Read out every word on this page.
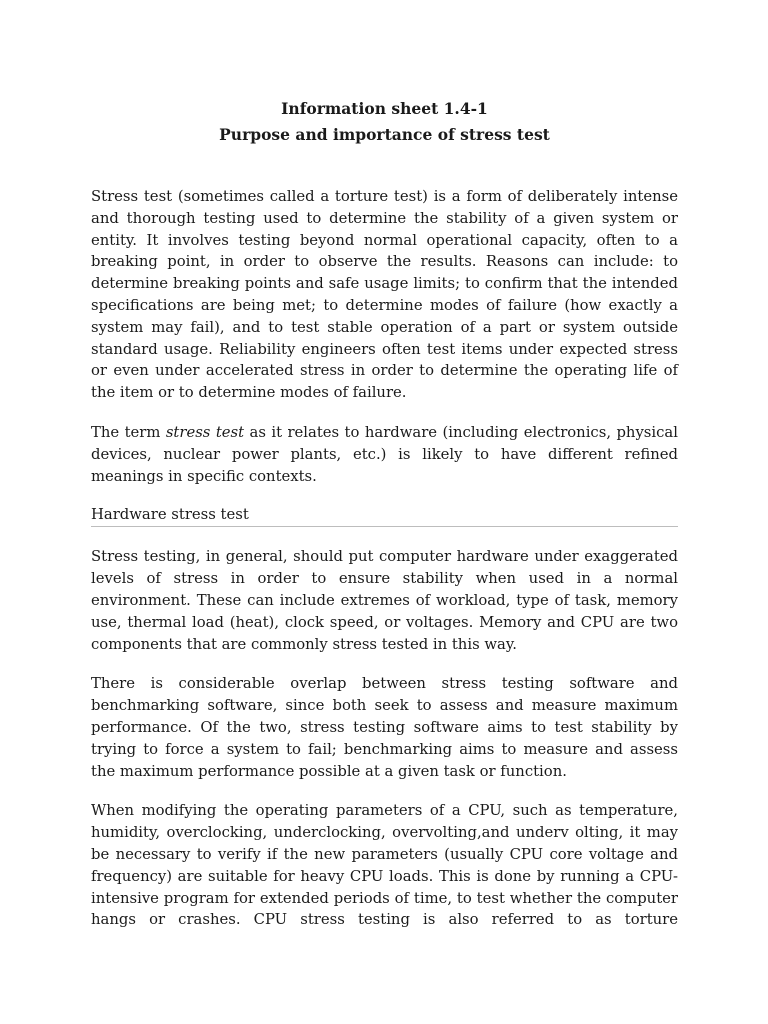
Information sheet 1.4-1

Purpose and importance of stress test

Stress test (sometimes called a torture test) is a form of deliberately intense and thorough testing used to determine the stability of a given system or entity. It involves testing beyond normal operational capacity, often to a breaking point, in order to observe the results. Reasons can include: to determine breaking points and safe usage limits; to confirm that the intended specifications are being met; to determine modes of failure (how exactly a system may fail), and to test stable operation of a part or system outside standard usage. Reliability engineers often test items under expected stress or even under accelerated stress in order to determine the operating life of the item or to determine modes of failure.

The term stress test as it relates to hardware (including electronics, physical devices, nuclear power plants, etc.) is likely to have different refined meanings in specific contexts.

Hardware stress test

Stress testing, in general, should put computer hardware under exaggerated levels of stress in order to ensure stability when used in a normal environment. These can include extremes of workload, type of task, memory use, thermal load (heat), clock speed, or voltages. Memory and CPU are two components that are commonly stress tested in this way.

There is considerable overlap between stress testing software and benchmarking software, since both seek to assess and measure maximum performance. Of the two, stress testing software aims to test stability by trying to force a system to fail; benchmarking aims to measure and assess the maximum performance possible at a given task or function.

When modifying the operating parameters of a CPU, such as temperature, humidity, overclocking, underclocking, overvolting,and underv olting, it may be necessary to verify if the new parameters (usually CPU core voltage and frequency) are suitable for heavy CPU loads. This is done by running a CPU-intensive program for extended periods of time, to test whether the computer hangs or crashes. CPU stress testing is also referred to as torture
